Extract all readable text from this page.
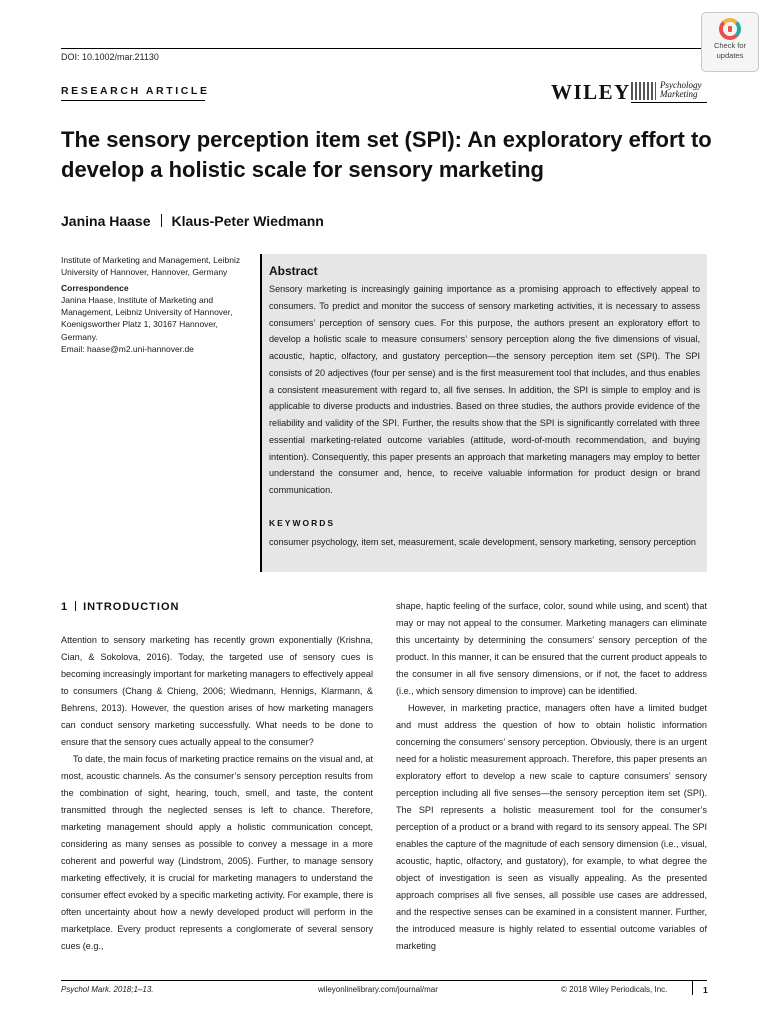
DOI: 10.1002/mar.21130
Check for
updates
RESEARCH ARTICLE	WILEY	Psychology
Marketing
The sensory perception item set (SPI): An exploratory effort to develop a holistic scale for sensory marketing
Janina Haase Klaus-Peter Wiedmann
Institute of Marketing and Management, Leibniz University of Hannover, Hannover, Germany
Correspondence
Janina Haase, Institute of Marketing and Management, Leibniz University of Hannover, Koenigsworther Platz 1, 30167 Hannover, Germany.
Email: haase@m2.uni-hannover.de
Abstract
Sensory marketing is increasingly gaining importance as a promising approach to effectively appeal to consumers. To predict and monitor the success of sensory marketing activities, it is necessary to assess consumers’ perception of sensory cues. For this purpose, the authors present an exploratory effort to develop a holistic scale to measure consumers’ sensory perception along the five dimensions of visual, acoustic, haptic, olfactory, and gustatory perception—the sensory perception item set (SPI). The SPI consists of 20 adjectives (four per sense) and is the first measurement tool that includes, and thus enables a consistent measurement with regard to, all five senses. In addition, the SPI is simple to employ and is applicable to diverse products and industries. Based on three studies, the authors provide evidence of the reliability and validity of the SPI. Further, the results show that the SPI is significantly correlated with three essential marketing-related outcome variables (attitude, word-of-mouth recommendation, and buying intention). Consequently, this paper presents an approach that marketing managers may employ to better understand the consumer and, hence, to receive valuable information for product design or brand communication.
KEYWORDS
consumer psychology, item set, measurement, scale development, sensory marketing, sensory perception
1 INTRODUCTION

Attention to sensory marketing has recently grown exponentially (Krishna, Cian, & Sokolova, 2016). Today, the targeted use of sensory cues is becoming increasingly important for marketing managers to effectively appeal to consumers (Chang & Chieng, 2006; Wiedmann, Hennigs, Klarmann, & Behrens, 2013). However, the question arises of how marketing managers can conduct sensory marketing successfully. What needs to be done to ensure that the sensory cues actually appeal to the consumer?

To date, the main focus of marketing practice remains on the visual and, at most, acoustic channels. As the consumer’s sensory perception results from the combination of sight, hearing, touch, smell, and taste, the content transmitted through the neglected senses is left to chance. Therefore, marketing management should apply a holistic communication concept, considering as many senses as possible to convey a message in a more coherent and powerful way (Lindstrom, 2005). Further, to manage sensory marketing effectively, it is crucial for marketing managers to understand the consumer effect evoked by a specific marketing activity. For example, there is often uncertainty about how a newly developed product will perform in the marketplace. Every product represents a conglomerate of several sensory cues (e.g.,

shape, haptic feeling of the surface, color, sound while using, and scent) that may or may not appeal to the consumer. Marketing managers can eliminate this uncertainty by determining the consumers’ sensory perception of the product. In this manner, it can be ensured that the current product appeals to the consumer in all five sensory dimensions, or if not, the facet to address (i.e., which sensory dimension to improve) can be identified.

However, in marketing practice, managers often have a limited budget and must address the question of how to obtain holistic information concerning the consumers’ sensory perception. Obviously, there is an urgent need for a holistic measurement approach. Therefore, this paper presents an exploratory effort to develop a new scale to capture consumers’ sensory perception including all five senses—the sensory perception item set (SPI). The SPI represents a holistic measurement tool for the consumer’s perception of a product or a brand with regard to its sensory appeal. The SPI enables the capture of the magnitude of each sensory dimension (i.e., visual, acoustic, haptic, olfactory, and gustatory), for example, to what degree the object of investigation is seen as visually appealing. As the presented approach comprises all five senses, all possible use cases are addressed, and the respective senses can be examined in a consistent manner. Further, the introduced measure is highly related to essential outcome variables of marketing

Psychol Mark. 2018;1–13.	wileyonlinelibrary.com/journal/mar	© 2018 Wiley Periodicals, Inc.	1
